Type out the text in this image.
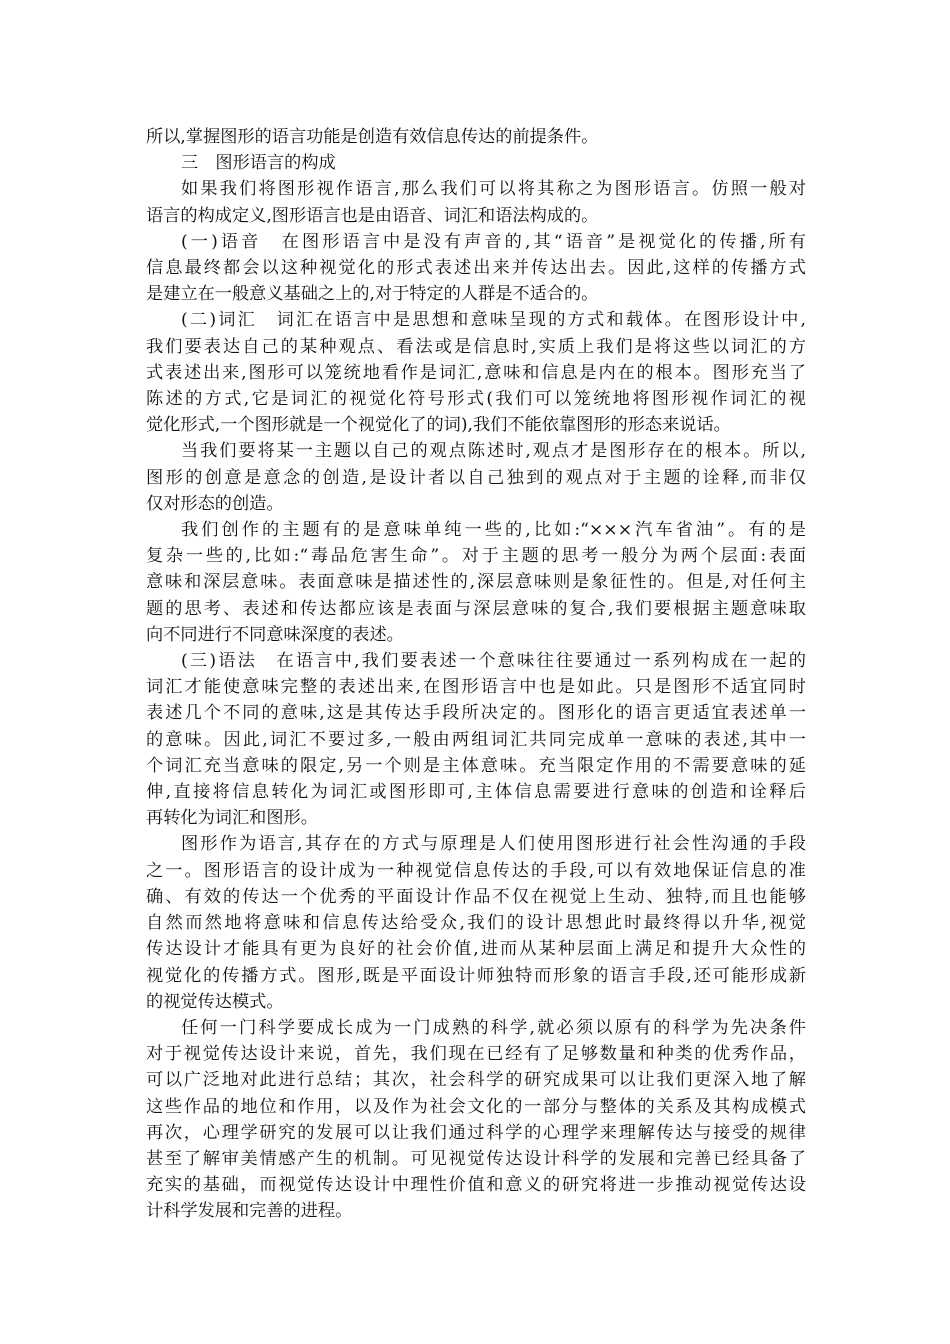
所以,掌握图形的语言功能是创造有效信息传达的前提条件。
三　图形语言的构成
如果我们将图形视作语言,那么我们可以将其称之为图形语言。仿照一般对
语言的构成定义,图形语言也是由语音、词汇和语法构成的。
(一)语音　在图形语言中是没有声音的,其“语音”是视觉化的传播,所有
信息最终都会以这种视觉化的形式表述出来并传达出去。因此,这样的传播方式
是建立在一般意义基础之上的,对于特定的人群是不适合的。
(二)词汇　词汇在语言中是思想和意味呈现的方式和载体。在图形设计中,
我们要表达自己的某种观点、看法或是信息时,实质上我们是将这些以词汇的方
式表述出来,图形可以笼统地看作是词汇,意味和信息是内在的根本。图形充当了
陈述的方式,它是词汇的视觉化符号形式(我们可以笼统地将图形视作词汇的视
觉化形式,一个图形就是一个视觉化了的词),我们不能依靠图形的形态来说话。
当我们要将某一主题以自己的观点陈述时,观点才是图形存在的根本。所以,
图形的创意是意念的创造,是设计者以自己独到的观点对于主题的诠释,而非仅
仅对形态的创造。
我们创作的主题有的是意味单纯一些的,比如:“×××汽车省油”。有的是
复杂一些的,比如:“毒品危害生命”。对于主题的思考一般分为两个层面:表面
意味和深层意味。表面意味是描述性的,深层意味则是象征性的。但是,对任何主
题的思考、表述和传达都应该是表面与深层意味的复合,我们要根据主题意味取
向不同进行不同意味深度的表述。
(三)语法　在语言中,我们要表述一个意味往往要通过一系列构成在一起的
词汇才能使意味完整的表述出来,在图形语言中也是如此。只是图形不适宜同时
表述几个不同的意味,这是其传达手段所决定的。图形化的语言更适宜表述单一
的意味。因此,词汇不要过多,一般由两组词汇共同完成单一意味的表述,其中一
个词汇充当意味的限定,另一个则是主体意味。充当限定作用的不需要意味的延
伸,直接将信息转化为词汇或图形即可,主体信息需要进行意味的创造和诠释后
再转化为词汇和图形。
图形作为语言,其存在的方式与原理是人们使用图形进行社会性沟通的手段
之一。图形语言的设计成为一种视觉信息传达的手段,可以有效地保证信息的准
确、有效的传达一个优秀的平面设计作品不仅在视觉上生动、独特,而且也能够
自然而然地将意味和信息传达给受众,我们的设计思想此时最终得以升华,视觉
传达设计才能具有更为良好的社会价值,进而从某种层面上满足和提升大众性的
视觉化的传播方式。图形,既是平面设计师独特而形象的语言手段,还可能形成新
的视觉传达模式。
任何一门科学要成长成为一门成熟的科学,就必须以原有的科学为先决条件
对于视觉传达设计来说，首先，我们现在已经有了足够数量和种类的优秀作品，
可以广泛地对此进行总结；其次，社会科学的研究成果可以让我们更深入地了解
这些作品的地位和作用，以及作为社会文化的一部分与整体的关系及其构成模式
再次，心理学研究的发展可以让我们通过科学的心理学来理解传达与接受的规律
甚至了解审美情感产生的机制。可见视觉传达设计科学的发展和完善已经具备了
充实的基础，而视觉传达设计中理性价值和意义的研究将进一步推动视觉传达设
计科学发展和完善的进程。
